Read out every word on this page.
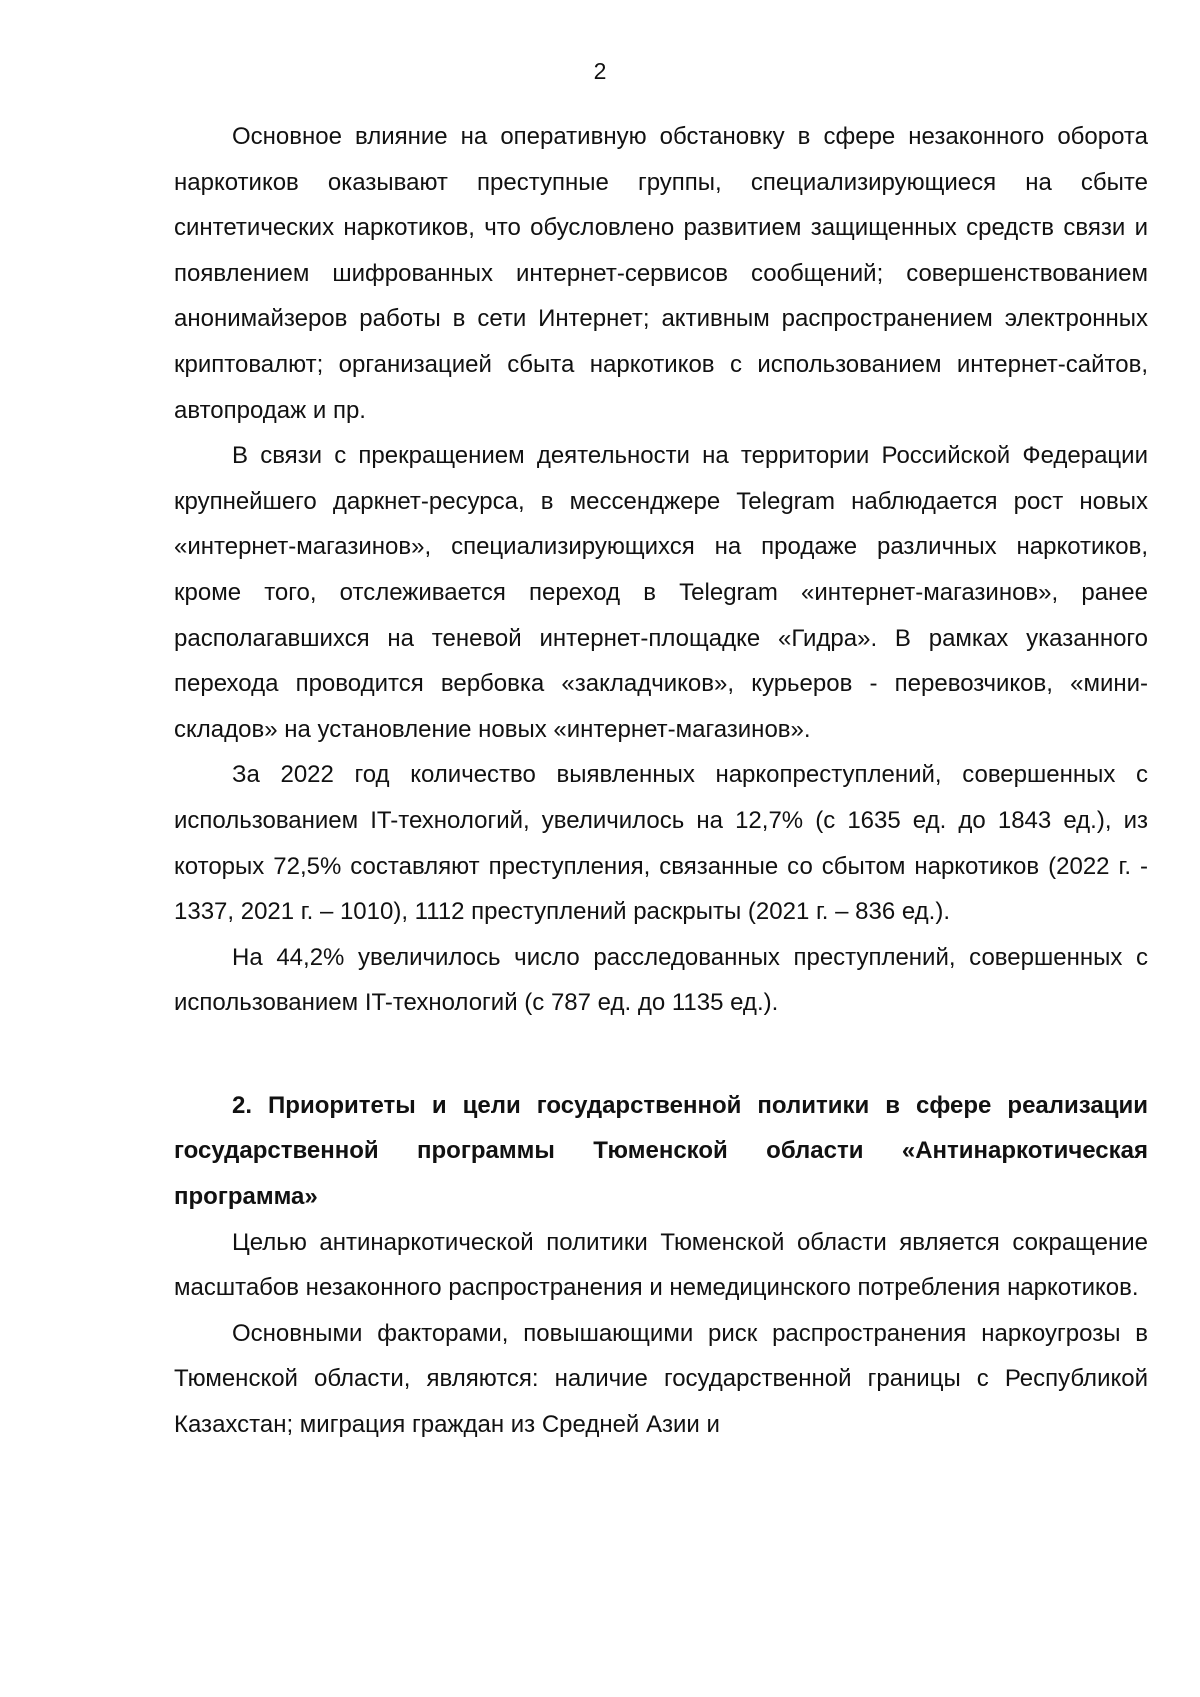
2

Основное влияние на оперативную обстановку в сфере незаконного оборота наркотиков оказывают преступные группы, специализирующиеся на сбыте синтетических наркотиков, что обусловлено развитием защищенных средств связи и появлением шифрованных интернет-сервисов сообщений; совершенствованием анонимайзеров работы в сети Интернет; активным распространением электронных криптовалют; организацией сбыта наркотиков с использованием интернет-сайтов, автопродаж и пр.

В связи с прекращением деятельности на территории Российской Федерации крупнейшего даркнет-ресурса, в мессенджере Telegram наблюдается рост новых «интернет-магазинов», специализирующихся на продаже различных наркотиков, кроме того, отслеживается переход в Telegram «интернет-магазинов», ранее располагавшихся на теневой интернет-площадке «Гидра». В рамках указанного перехода проводится вербовка «закладчиков», курьеров - перевозчиков, «мини-складов» на установление новых «интернет-магазинов».

За 2022 год количество выявленных наркопреступлений, совершенных с использованием IT-технологий, увеличилось на 12,7% (с 1635 ед. до 1843 ед.), из которых 72,5% составляют преступления, связанные со сбытом наркотиков (2022 г. - 1337, 2021 г. – 1010), 1112 преступлений раскрыты (2021 г. – 836 ед.).

На 44,2% увеличилось число расследованных преступлений, совершенных с использованием IT-технологий (с 787 ед. до 1135 ед.).

2. Приоритеты и цели государственной политики в сфере реализации государственной программы Тюменской области «Антинаркотическая программа»

Целью антинаркотической политики Тюменской области является сокращение масштабов незаконного распространения и немедицинского потребления наркотиков.

Основными факторами, повышающими риск распространения наркоугрозы в Тюменской области, являются: наличие государственной границы с Республикой Казахстан; миграция граждан из Средней Азии и
